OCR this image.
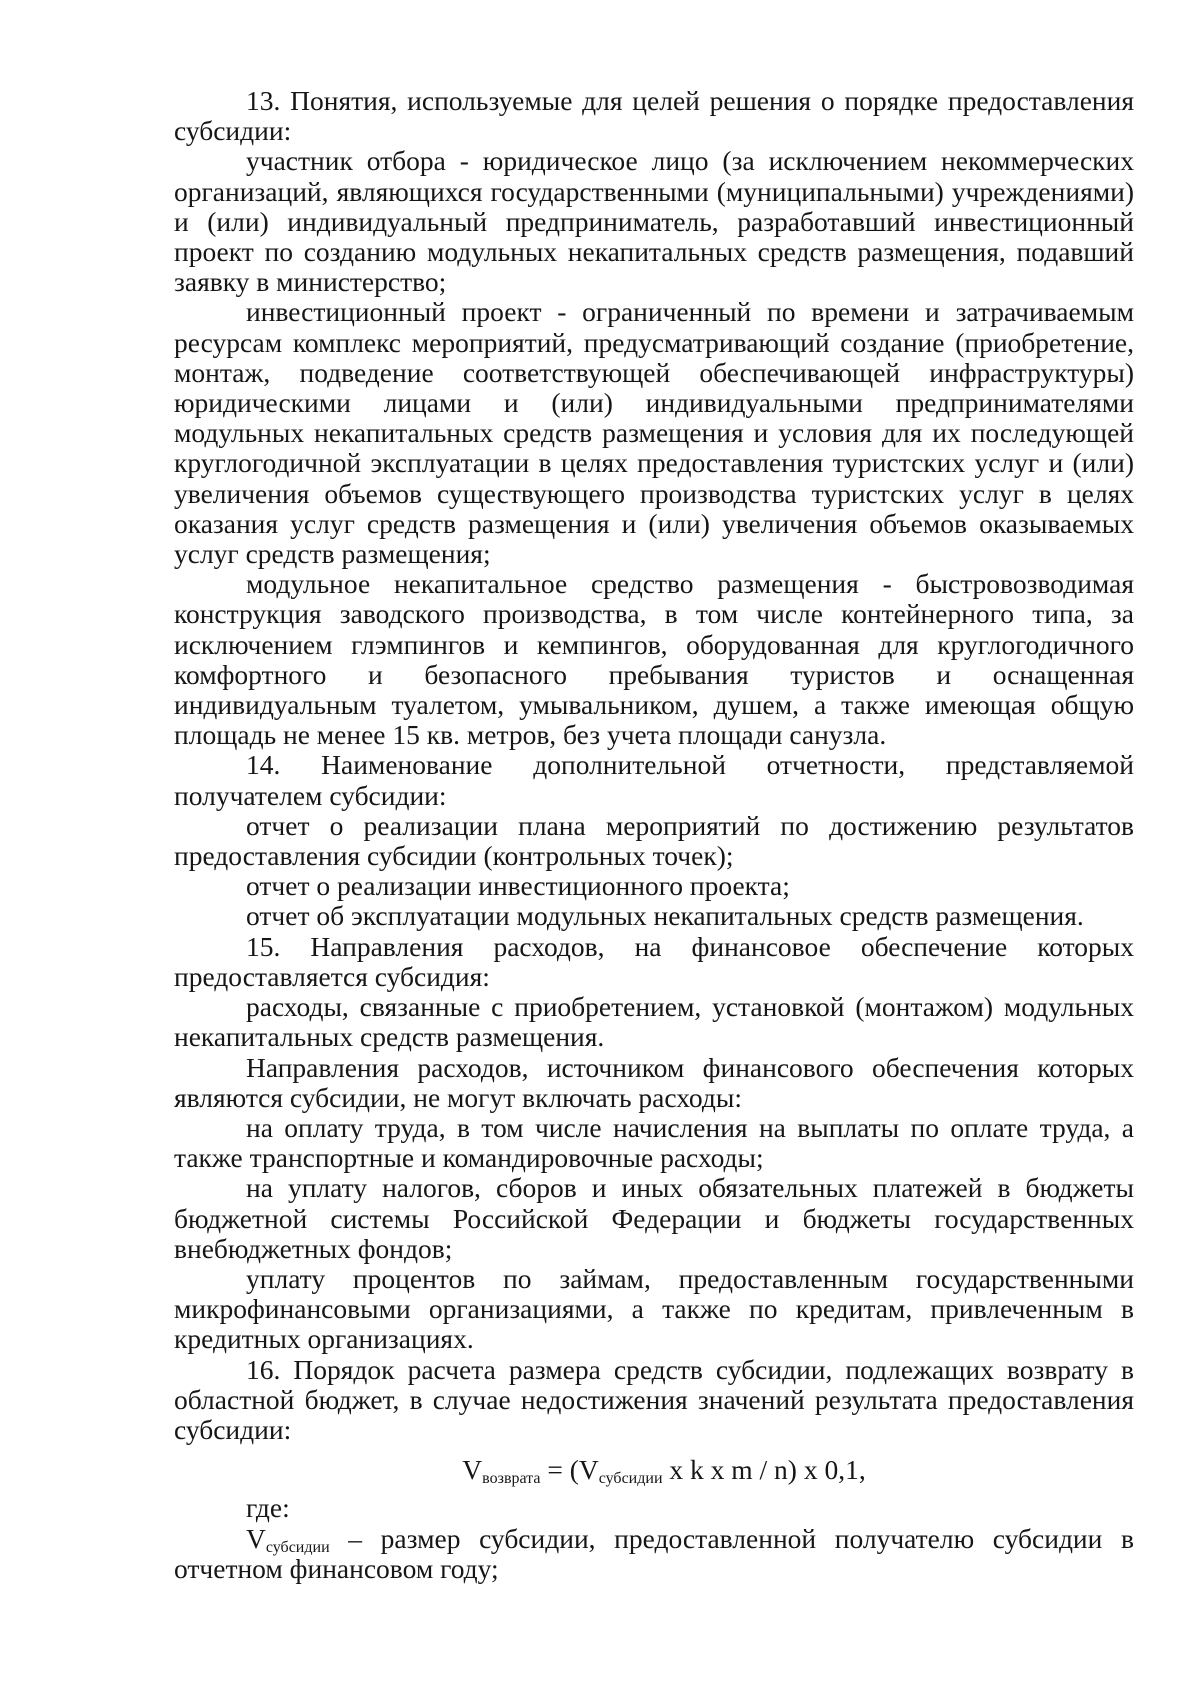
13. Понятия, используемые для целей решения о порядке предоставления субсидии:

участник отбора - юридическое лицо (за исключением некоммерческих организаций, являющихся государственными (муниципальными) учреждениями) и (или) индивидуальный предприниматель, разработавший инвестиционный проект по созданию модульных некапитальных средств размещения, подавший заявку в министерство;

инвестиционный проект - ограниченный по времени и затрачиваемым ресурсам комплекс мероприятий, предусматривающий создание (приобретение, монтаж, подведение соответствующей обеспечивающей инфраструктуры) юридическими лицами и (или) индивидуальными предпринимателями модульных некапитальных средств размещения и условия для их последующей круглогодичной эксплуатации в целях предоставления туристских услуг и (или) увеличения объемов существующего производства туристских услуг в целях оказания услуг средств размещения и (или) увеличения объемов оказываемых услуг средств размещения;

модульное некапитальное средство размещения - быстровозводимая конструкция заводского производства, в том числе контейнерного типа, за исключением глэмпингов и кемпингов, оборудованная для круглогодичного комфортного и безопасного пребывания туристов и оснащенная индивидуальным туалетом, умывальником, душем, а также имеющая общую площадь не менее 15 кв. метров, без учета площади санузла.

14. Наименование дополнительной отчетности, представляемой получателем субсидии:

отчет о реализации плана мероприятий по достижению результатов предоставления субсидии (контрольных точек);

отчет о реализации инвестиционного проекта;

отчет об эксплуатации модульных некапитальных средств размещения.

15. Направления расходов, на финансовое обеспечение которых предоставляется субсидия:

расходы, связанные с приобретением, установкой (монтажом) модульных некапитальных средств размещения.

Направления расходов, источником финансового обеспечения которых являются субсидии, не могут включать расходы:

на оплату труда, в том числе начисления на выплаты по оплате труда, а также транспортные и командировочные расходы;

на уплату налогов, сборов и иных обязательных платежей в бюджеты бюджетной системы Российской Федерации и бюджеты государственных внебюджетных фондов;

уплату процентов по займам, предоставленным государственными микрофинансовыми организациями, а также по кредитам, привлеченным в кредитных организациях.

16. Порядок расчета размера средств субсидии, подлежащих возврату в областной бюджет, в случае недостижения значений результата предоставления субсидии:

$V_{возврата} = (V_{субсидии}$ x k x m / n) x 0,1,

где:

$V_{субсидии}$ – размер субсидии, предоставленной получателю субсидии в отчетном финансовом году;
